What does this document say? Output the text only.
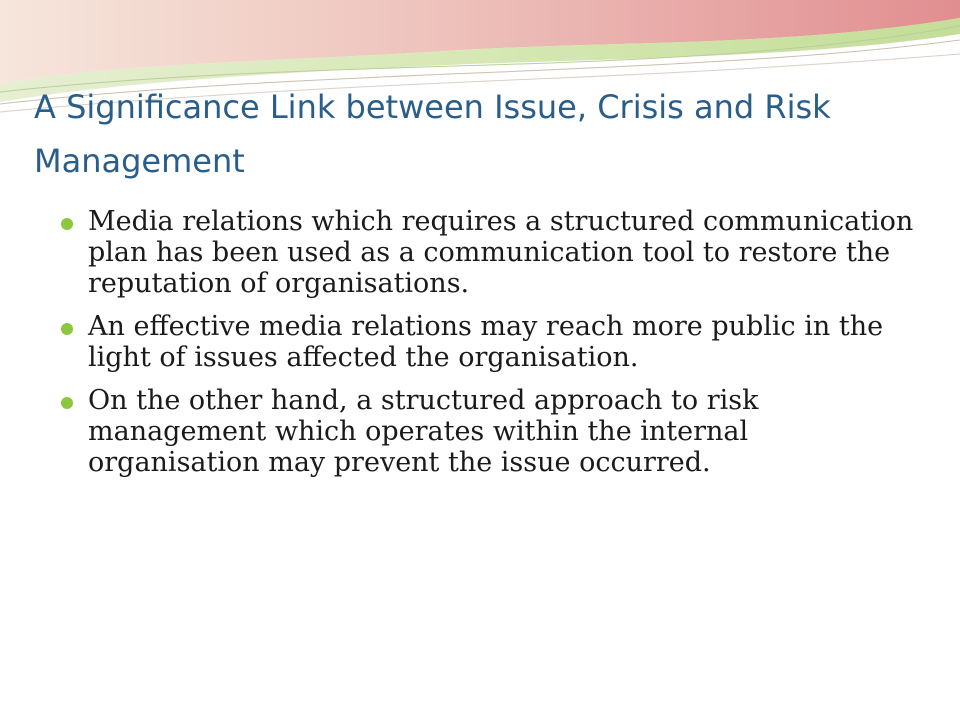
A Significance Link between Issue, Crisis and Risk Management
Media relations which requires a structured communication plan has been used as a communication tool to restore the reputation of organisations.
An effective media relations may reach more public in the light of issues affected the organisation.
On the other hand, a structured approach to risk management which operates within the internal organisation may prevent the issue occurred.
